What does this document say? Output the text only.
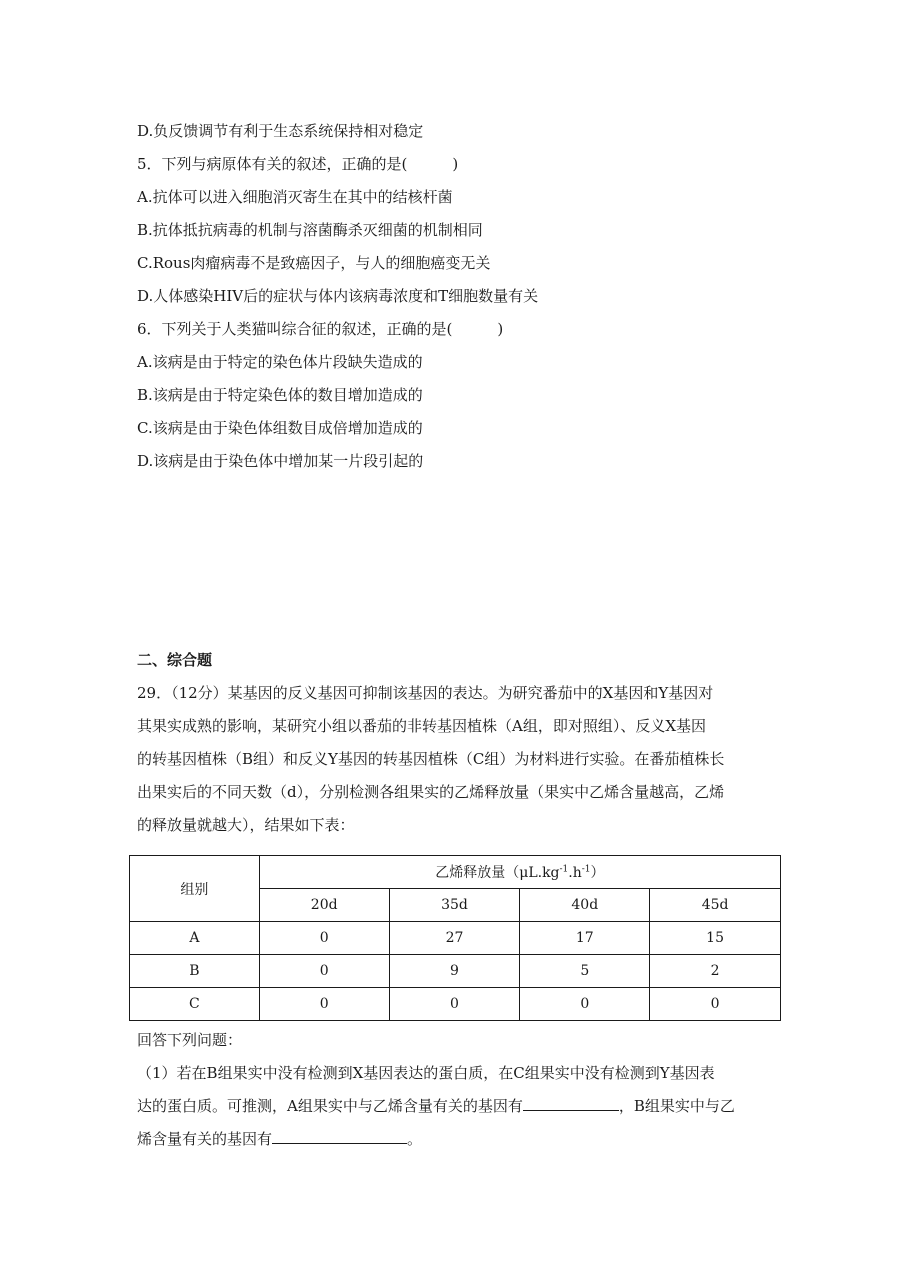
D.负反馈调节有利于生态系统保持相对稳定
5．下列与病原体有关的叙述，正确的是(　　　)
A.抗体可以进入细胞消灭寄生在其中的结核杆菌
B.抗体抵抗病毒的机制与溶菌酶杀灭细菌的机制相同
C.Rous肉瘤病毒不是致癌因子，与人的细胞癌变无关
D.人体感染HIV后的症状与体内该病毒浓度和T细胞数量有关
6．下列关于人类猫叫综合征的叙述，正确的是(　　　)
A.该病是由于特定的染色体片段缺失造成的
B.该病是由于特定染色体的数目增加造成的
C.该病是由于染色体组数目成倍增加造成的
D.该病是由于染色体中增加某一片段引起的
二、综合题
29．（12分）某基因的反义基因可抑制该基因的表达。为研究番茄中的X基因和Y基因对
其果实成熟的影响，某研究小组以番茄的非转基因植株（A组，即对照组）、反义X基因
的转基因植株（B组）和反义Y基因的转基因植株（C组）为材料进行实验。在番茄植株长
出果实后的不同天数（d），分别检测各组果实的乙烯释放量（果实中乙烯含量越高，乙烯
的释放量就越大），结果如下表：
组别	乙烯释放量$(\mu L.kg^{-1}.h^{-1})$			
	20d	35d	40d	45d
A	0	27	17	15
B	0	9	5	2
C	0	0	0	0
回答下列问题：
（1）若在B组果实中没有检测到X基因表达的蛋白质，在C组果实中没有检测到Y基因表
达的蛋白质。可推测，A组果实中与乙烯含量有关的基因有	，B组果实中与乙
烯含量有关的基因有	。
